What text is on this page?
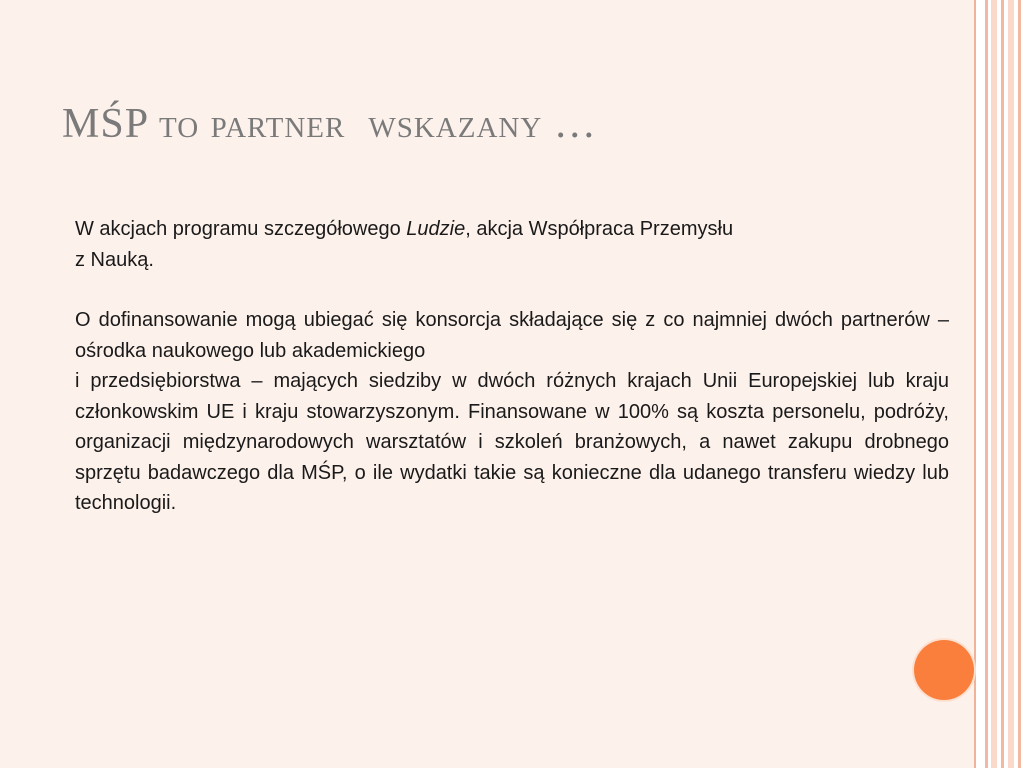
MŚP to partner  wskazany …

W akcjach programu szczegółowego Ludzie, akcja Współpraca Przemysłu
z Nauką.

O dofinansowanie mogą ubiegać się konsorcja składające się z co najmniej dwóch partnerów – ośrodka naukowego lub akademickiego
i przedsiębiorstwa – mających siedziby w dwóch różnych krajach Unii Europejskiej lub kraju członkowskim UE i kraju stowarzyszonym. Finansowane w 100% są koszta personelu, podróży, organizacji międzynarodowych warsztatów i szkoleń branżowych, a nawet zakupu drobnego sprzętu badawczego dla MŚP, o ile wydatki takie są konieczne dla udanego transferu wiedzy lub technologii.
